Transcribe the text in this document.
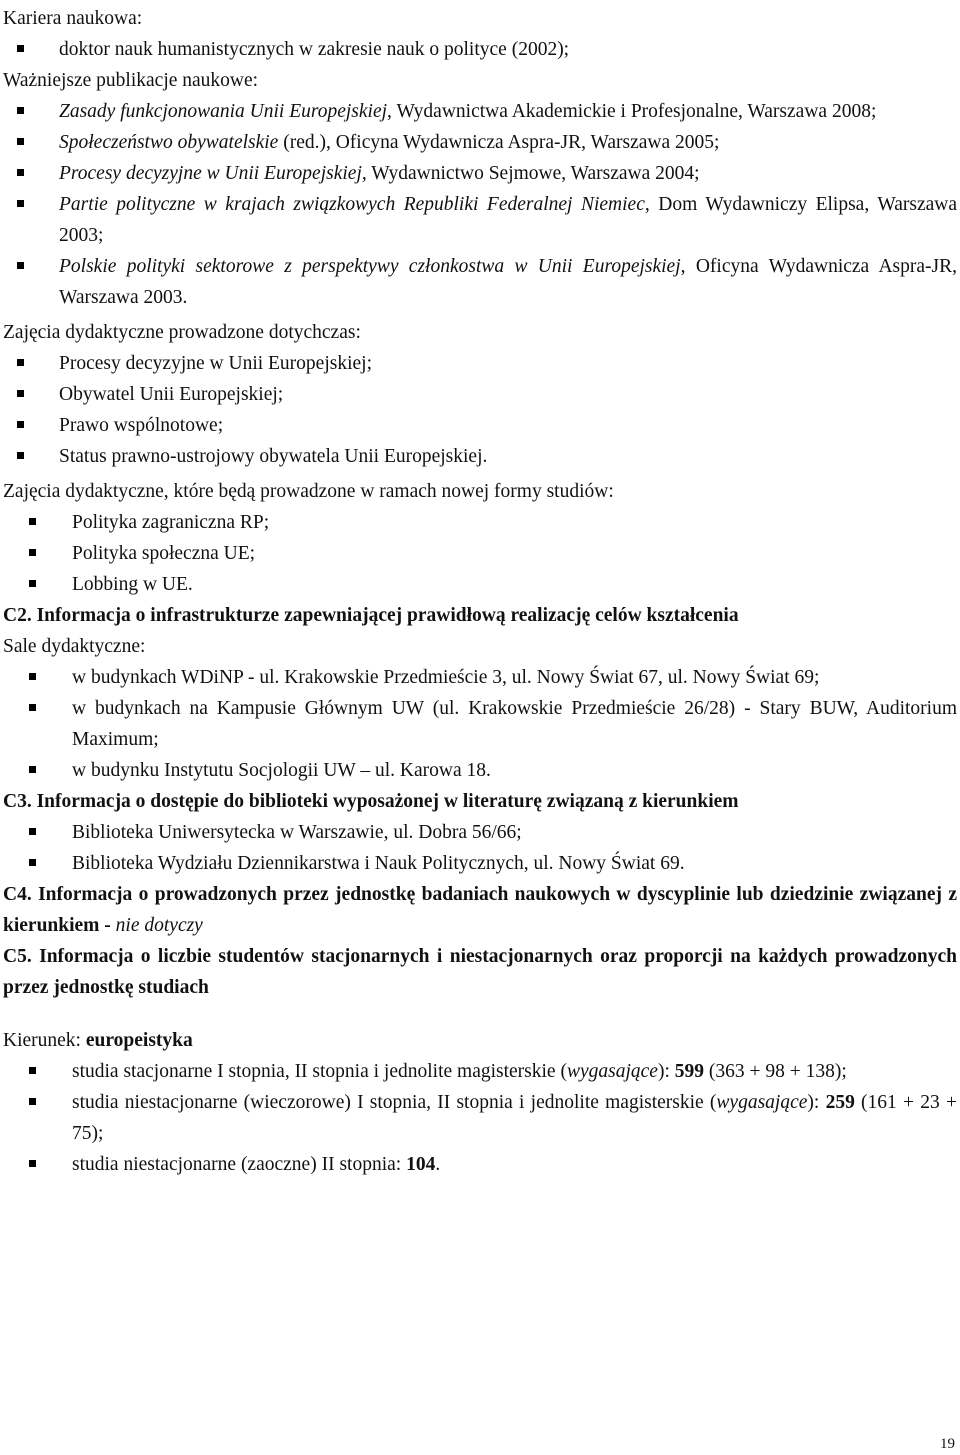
Kariera naukowa:

doktor nauk humanistycznych w zakresie nauk o polityce (2002);

Ważniejsze publikacje naukowe:

Zasady funkcjonowania Unii Europejskiej, Wydawnictwa Akademickie i Profesjonalne, Warszawa 2008;
Społeczeństwo obywatelskie (red.), Oficyna Wydawnicza Aspra-JR, Warszawa 2005;
Procesy decyzyjne w Unii Europejskiej, Wydawnictwo Sejmowe, Warszawa 2004;
Partie polityczne w krajach związkowych Republiki Federalnej Niemiec, Dom Wydawniczy Elipsa, Warszawa 2003;
Polskie polityki sektorowe z perspektywy członkostwa w Unii Europejskiej, Oficyna Wydawnicza Aspra-JR, Warszawa 2003.

Zajęcia dydaktyczne prowadzone dotychczas:

Procesy decyzyjne w Unii Europejskiej;
Obywatel Unii Europejskiej;
Prawo wspólnotowe;
Status prawno-ustrojowy obywatela Unii Europejskiej.

Zajęcia dydaktyczne, które będą prowadzone w ramach nowej formy studiów:

Polityka zagraniczna RP;
Polityka społeczna UE;
Lobbing w UE.

C2. Informacja o infrastrukturze zapewniającej prawidłową realizację celów kształcenia

Sale dydaktyczne:

w budynkach WDiNP - ul. Krakowskie Przedmieście 3, ul. Nowy Świat 67, ul. Nowy Świat 69;
w budynkach na Kampusie Głównym UW (ul. Krakowskie Przedmieście 26/28) - Stary BUW, Auditorium Maximum;
w budynku Instytutu Socjologii UW – ul. Karowa 18.

C3. Informacja o dostępie do biblioteki wyposażonej w literaturę związaną z kierunkiem

Biblioteka Uniwersytecka w Warszawie, ul. Dobra 56/66;
Biblioteka Wydziału Dziennikarstwa i Nauk Politycznych, ul. Nowy Świat 69.

C4. Informacja o prowadzonych przez jednostkę badaniach naukowych w dyscyplinie lub dziedzinie związanej z kierunkiem - nie dotyczy

C5. Informacja o liczbie studentów stacjonarnych i niestacjonarnych oraz proporcji na każdych prowadzonych przez jednostkę studiach

Kierunek: europeistyka

studia stacjonarne I stopnia, II stopnia i jednolite magisterskie (wygasające): 599 (363 + 98 + 138);
studia niestacjonarne (wieczorowe) I stopnia, II stopnia i jednolite magisterskie (wygasające): 259 (161 + 23 + 75);
studia niestacjonarne (zaoczne) II stopnia: 104.
19
